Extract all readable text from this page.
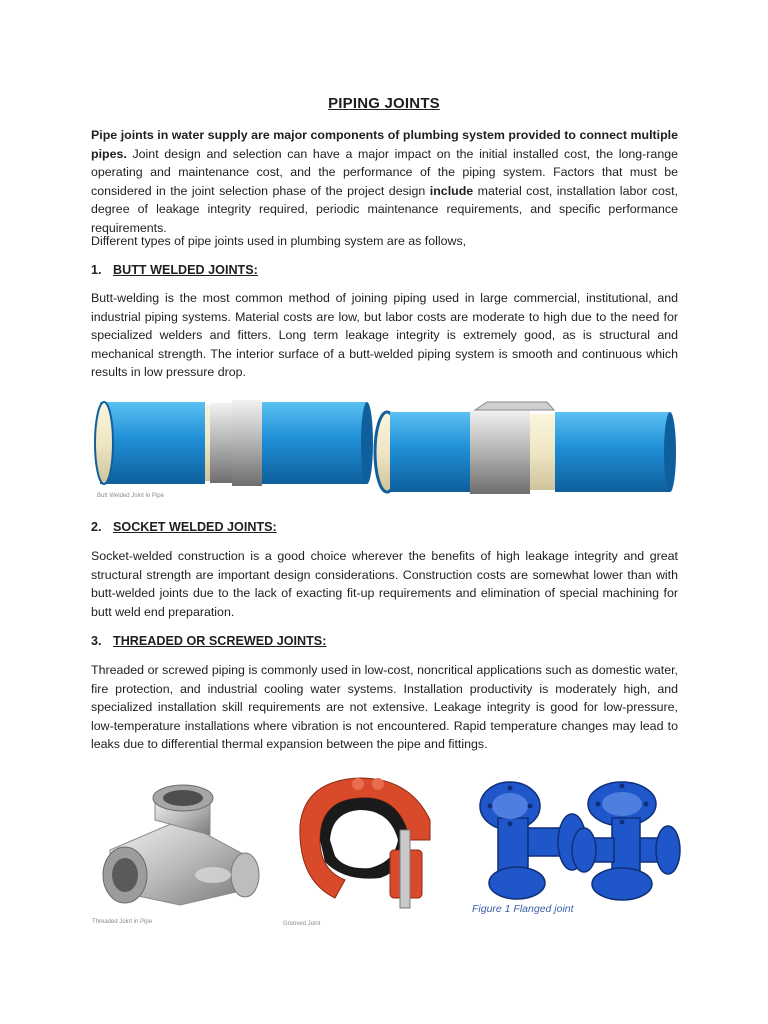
PIPING JOINTS

Pipe joints in water supply are major components of plumbing system provided to connect multiple pipes. Joint design and selection can have a major impact on the initial installed cost, the long-range operating and maintenance cost, and the performance of the piping system. Factors that must be considered in the joint selection phase of the project design include material cost, installation labor cost, degree of leakage integrity required, periodic maintenance requirements, and specific performance requirements.

Different types of pipe joints used in plumbing system are as follows,

1. BUTT WELDED JOINTS:

Butt-welding is the most common method of joining piping used in large commercial, institutional, and industrial piping systems. Material costs are low, but labor costs are moderate to high due to the need for specialized welders and fitters. Long term leakage integrity is extremely good, as is structural and mechanical strength. The interior surface of a butt-welded piping system is smooth and continuous which results in low pressure drop.

Butt Welded Joint in Pipe
2. SOCKET WELDED JOINTS:

Socket-welded construction is a good choice wherever the benefits of high leakage integrity and great structural strength are important design considerations. Construction costs are somewhat lower than with butt-welded joints due to the lack of exacting fit-up requirements and elimination of special machining for butt weld end preparation.

3. THREADED OR SCREWED JOINTS:

Threaded or screwed piping is commonly used in low-cost, noncritical applications such as domestic water, fire protection, and industrial cooling water systems. Installation productivity is moderately high, and specialized installation skill requirements are not extensive. Leakage integrity is good for low-pressure, low-temperature installations where vibration is not encountered. Rapid temperature changes may lead to leaks due to differential thermal expansion between the pipe and fittings.

Threaded Joint in Pipe	Grooved Joint
Figure 1 Flanged joint
